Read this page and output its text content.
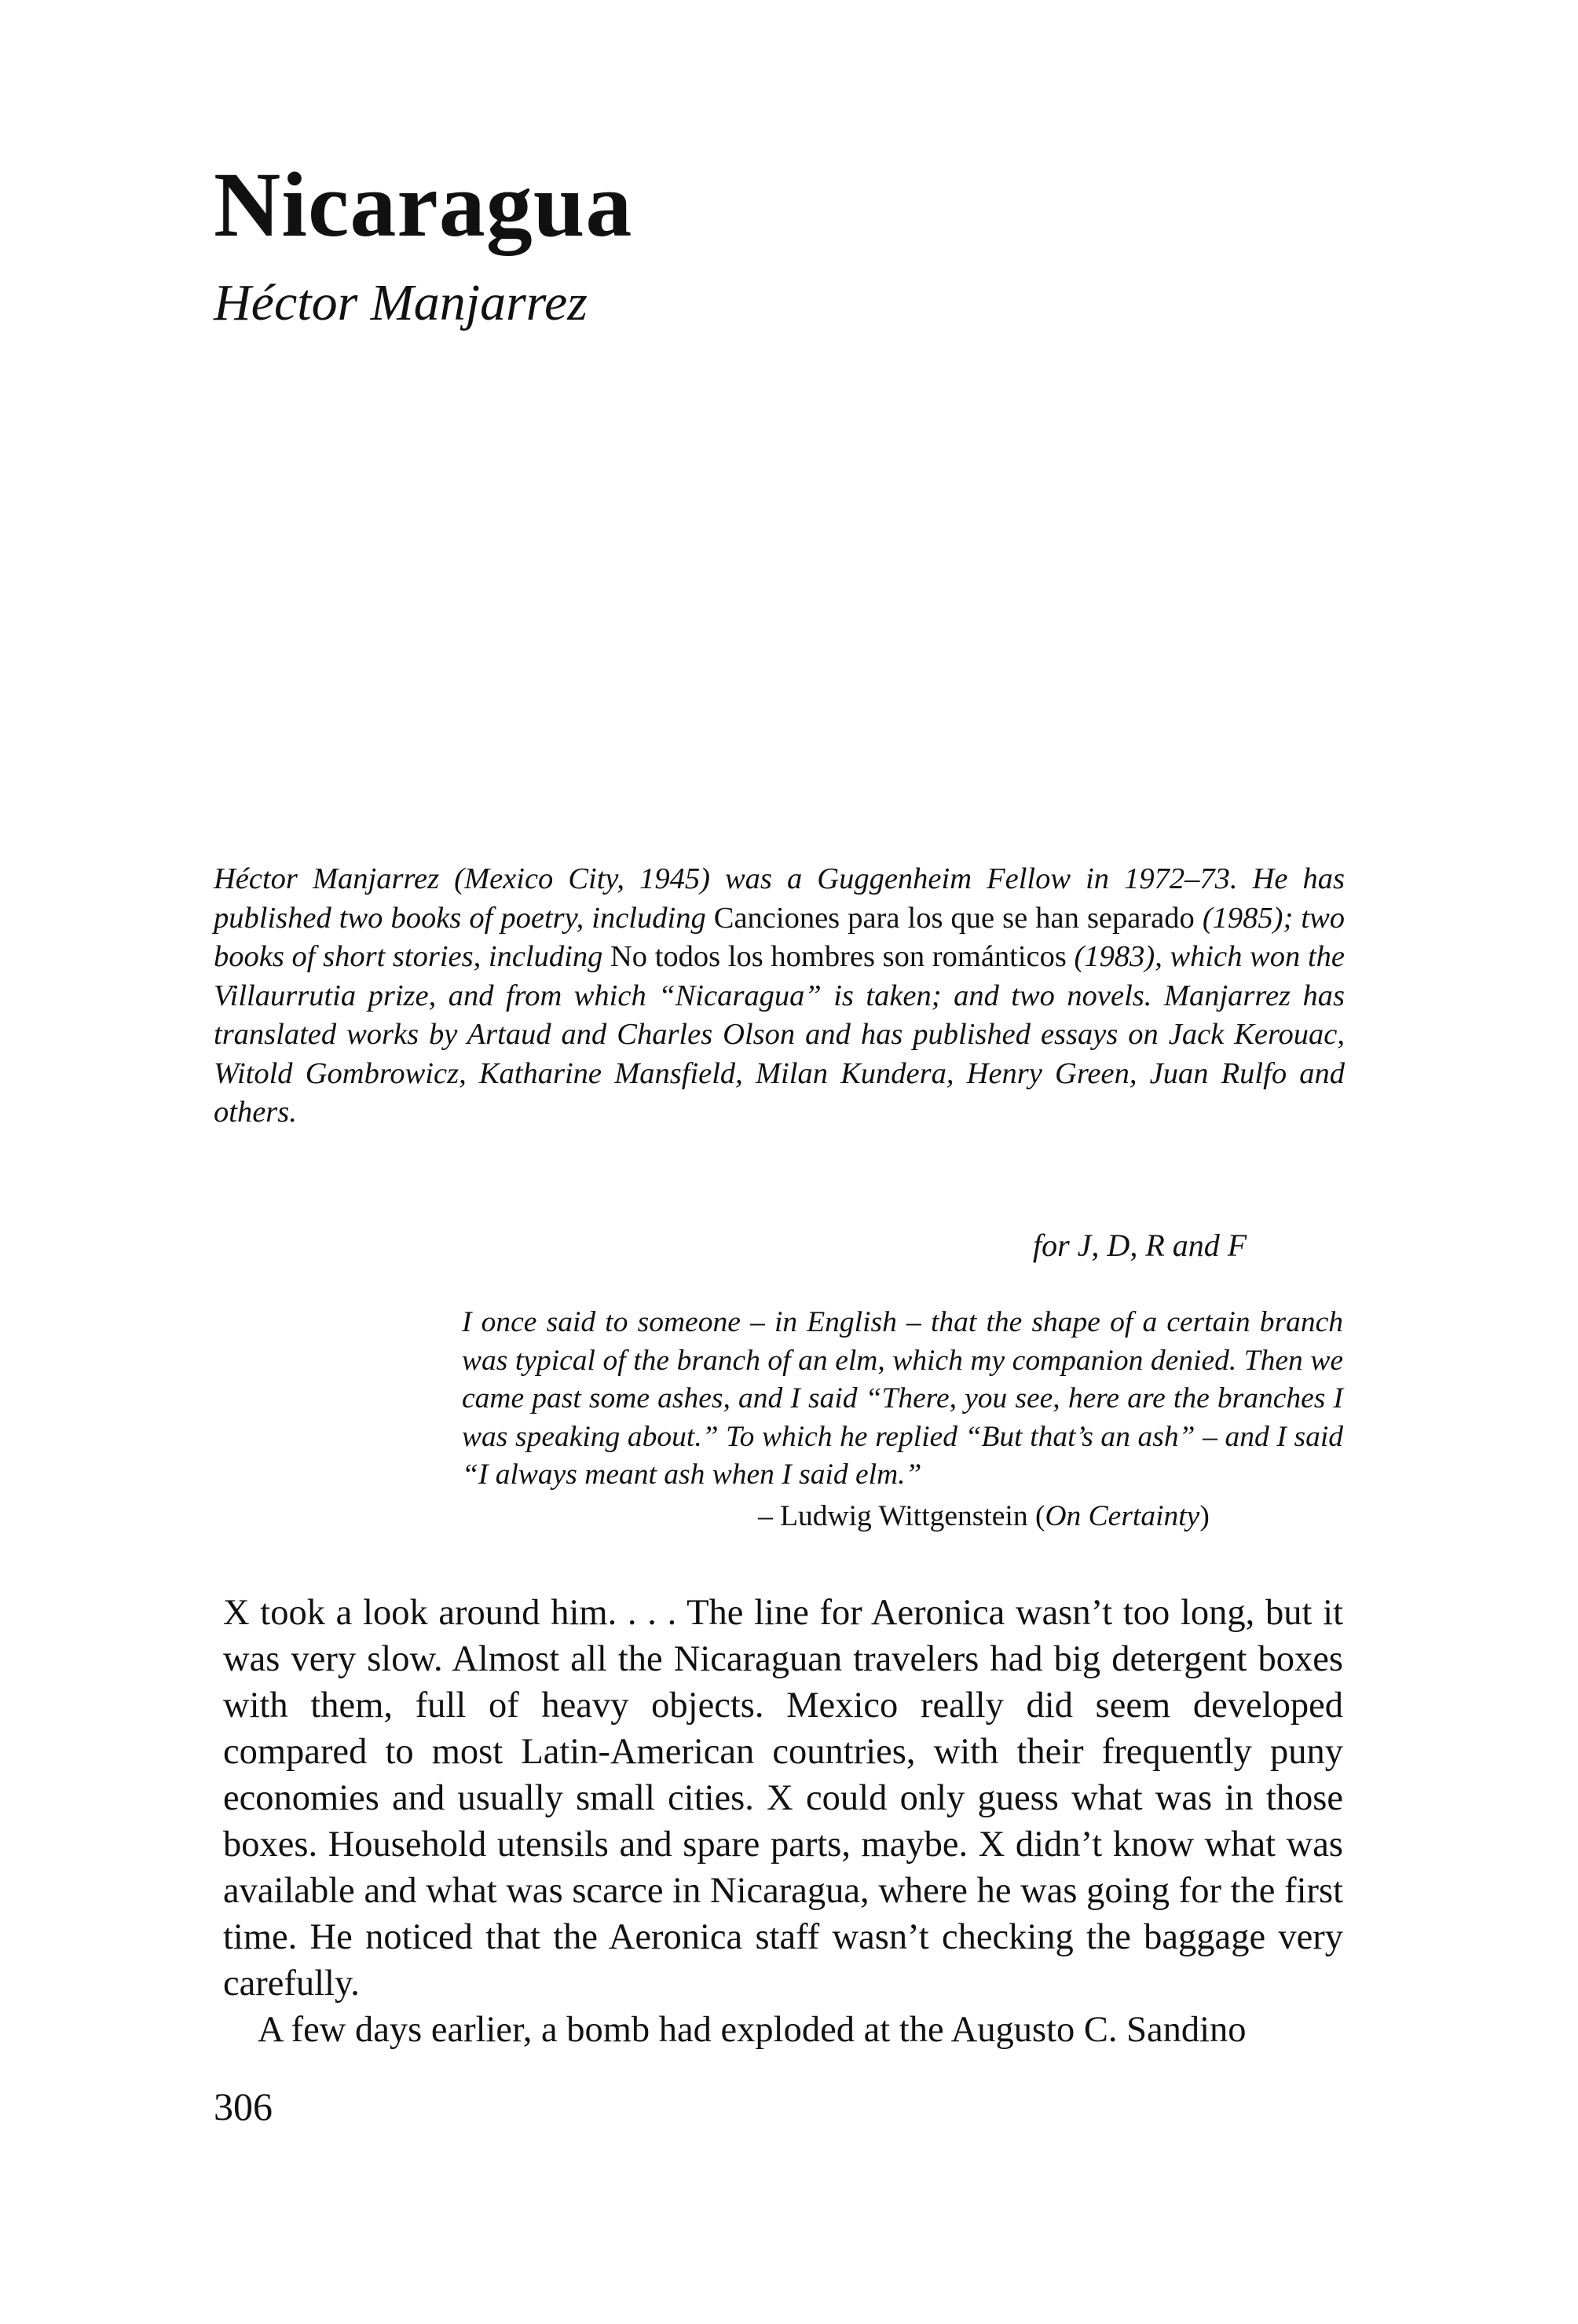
Nicaragua
Héctor Manjarrez

Héctor Manjarrez (Mexico City, 1945) was a Guggenheim Fellow in 1972–73. He has published two books of poetry, including Canciones para los que se han separado (1985); two books of short stories, including No todos los hombres son románticos (1983), which won the Villaurrutia prize, and from which “Nicaragua” is taken; and two novels. Manjarrez has translated works by Artaud and Charles Olson and has published essays on Jack Kerouac, Witold Gombrowicz, Katharine Mansfield, Milan Kundera, Henry Green, Juan Rulfo and others.

for J, D, R and F

I once said to someone – in English – that the shape of a certain branch was typical of the branch of an elm, which my companion denied. Then we came past some ashes, and I said “There, you see, here are the branches I was speaking about.” To which he replied “But that’s an ash” – and I said “I always meant ash when I said elm.”

– Ludwig Wittgenstein (On Certainty)

X took a look around him. . . . The line for Aeronica wasn’t too long, but it was very slow. Almost all the Nicaraguan travelers had big detergent boxes with them, full of heavy objects. Mexico really did seem developed compared to most Latin-American countries, with their frequently puny economies and usually small cities. X could only guess what was in those boxes. Household utensils and spare parts, maybe. X didn’t know what was available and what was scarce in Nicaragua, where he was going for the first time. He noticed that the Aeronica staff wasn’t checking the baggage very carefully.
A few days earlier, a bomb had exploded at the Augusto C. Sandino

306
